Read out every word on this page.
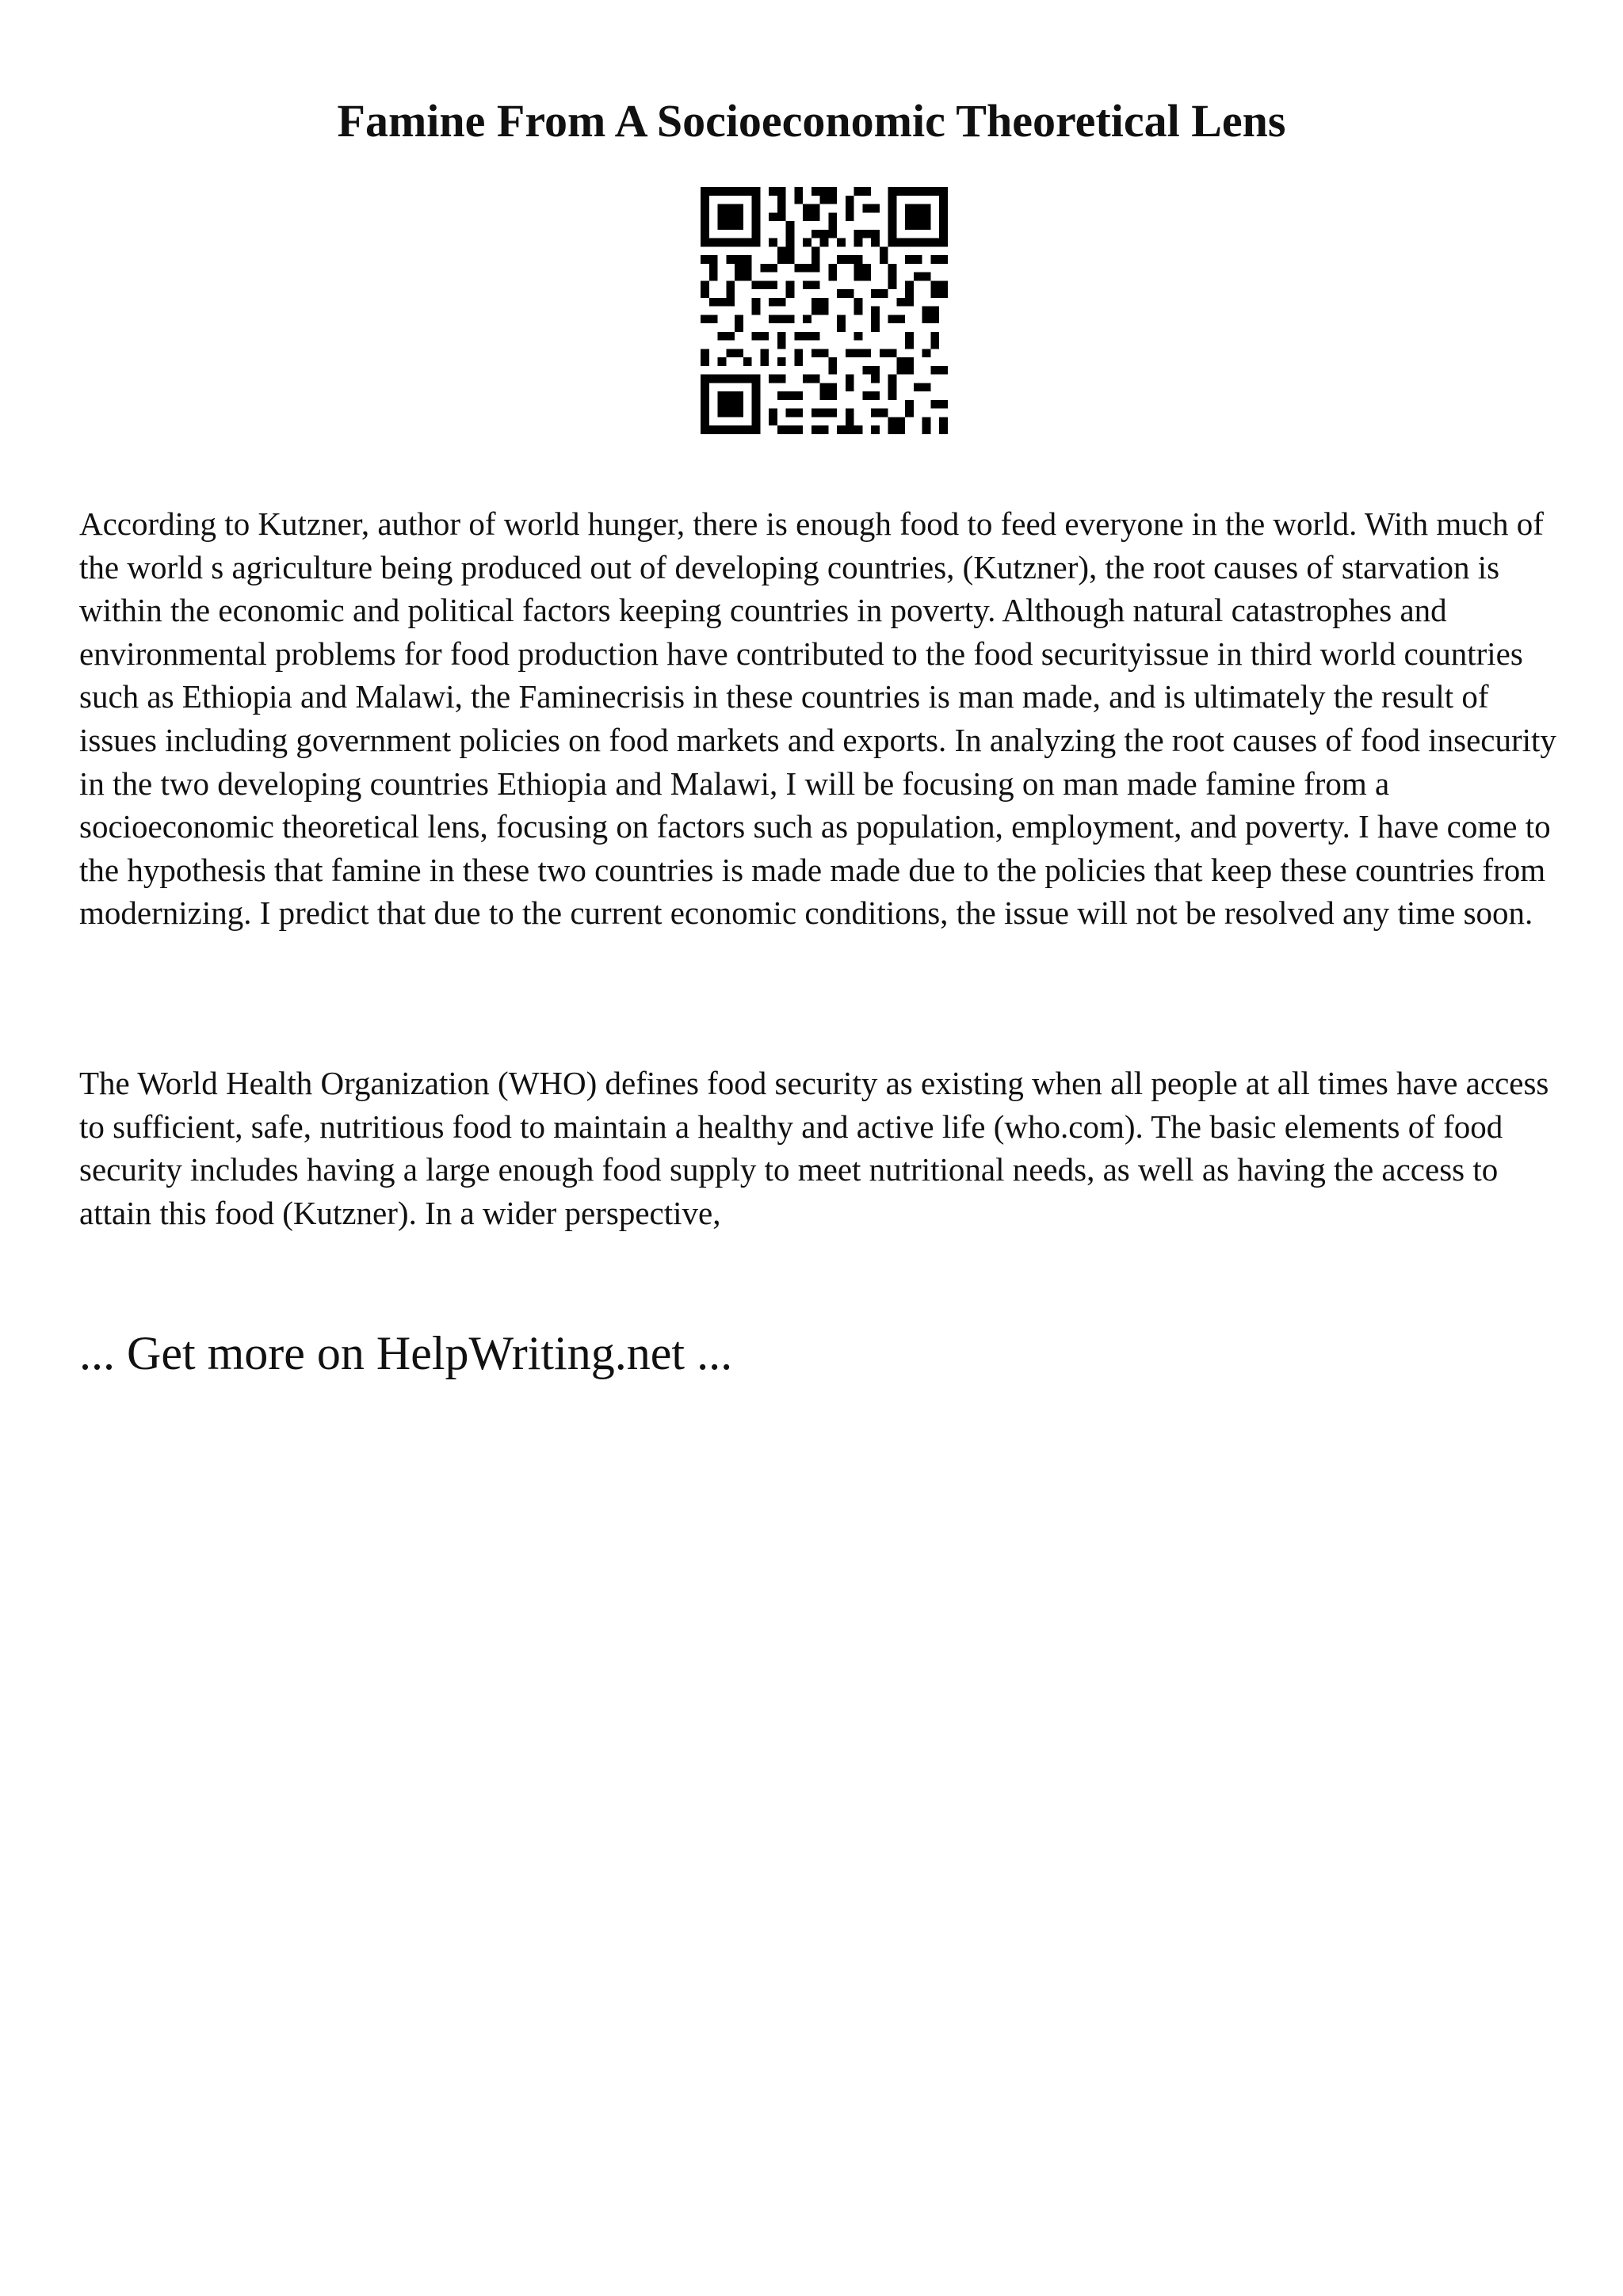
Famine From A Socioeconomic Theoretical Lens

According to Kutzner, author of world hunger, there is enough food to feed everyone in the world. With much of the world s agriculture being produced out of developing countries, (Kutzner), the root causes of starvation is within the economic and political factors keeping countries in poverty. Although natural catastrophes and environmental problems for food production have contributed to the food securityissue in third world countries such as Ethiopia and Malawi, the Faminecrisis in these countries is man made, and is ultimately the result of issues including government policies on food markets and exports. In analyzing the root causes of food insecurity in the two developing countries Ethiopia and Malawi, I will be focusing on man made famine from a socioeconomic theoretical lens, focusing on factors such as population, employment, and poverty. I have come to the hypothesis that famine in these two countries is made made due to the policies that keep these countries from modernizing. I predict that due to the current economic conditions, the issue will not be resolved any time soon.

The World Health Organization (WHO) defines food security as existing when all people at all times have access to sufficient, safe, nutritious food to maintain a healthy and active life (who.com). The basic elements of food security includes having a large enough food supply to meet nutritional needs, as well as having the access to attain this food (Kutzner). In a wider perspective,

... Get more on HelpWriting.net ...
